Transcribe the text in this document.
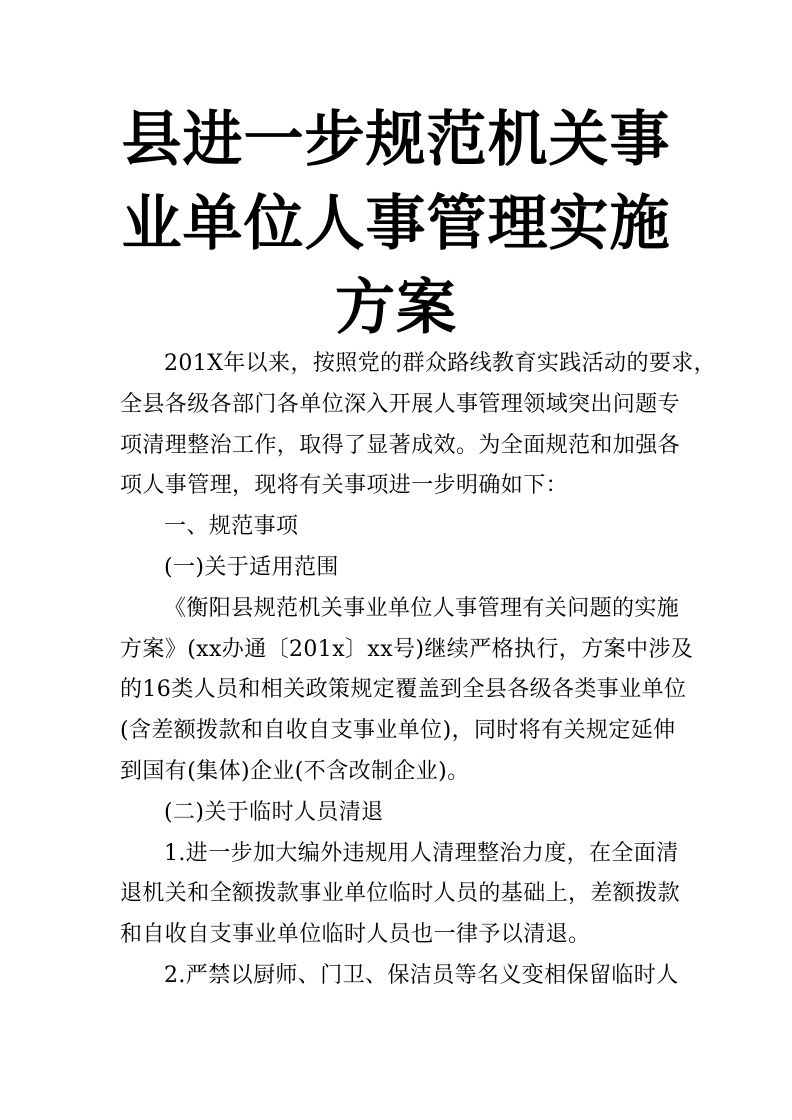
县进一步规范机关事
业单位人事管理实施
方案

201X年以来，按照党的群众路线教育实践活动的要求，
全县各级各部门各单位深入开展人事管理领域突出问题专
项清理整治工作，取得了显著成效。为全面规范和加强各
项人事管理，现将有关事项进一步明确如下：

一、规范事项

(一)关于适用范围

《衡阳县规范机关事业单位人事管理有关问题的实施
方案》(xx办通〔201x〕xx号)继续严格执行，方案中涉及
的16类人员和相关政策规定覆盖到全县各级各类事业单位
(含差额拨款和自收自支事业单位)，同时将有关规定延伸
到国有(集体)企业(不含改制企业)。

(二)关于临时人员清退

1.进一步加大编外违规用人清理整治力度，在全面清
退机关和全额拨款事业单位临时人员的基础上，差额拨款
和自收自支事业单位临时人员也一律予以清退。

2.严禁以厨师、门卫、保洁员等名义变相保留临时人
